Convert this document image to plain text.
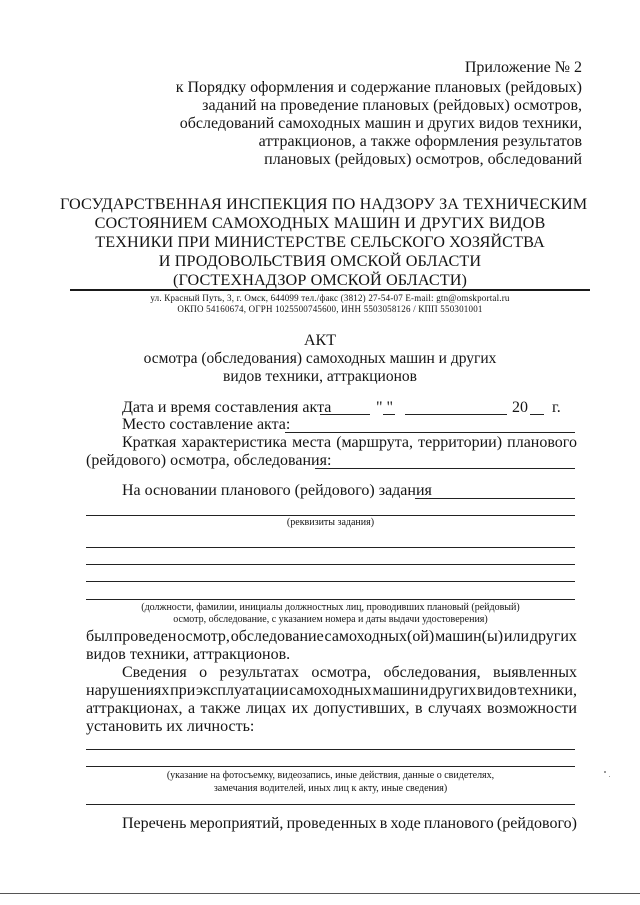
Приложение № 2
к Порядку оформления и содержание плановых (рейдовых)
заданий на проведение плановых (рейдовых) осмотров,
обследований самоходных машин и других видов техники,
аттракционов, а также оформления результатов
плановых (рейдовых) осмотров, обследований
ГОСУДАРСТВЕННАЯ ИНСПЕКЦИЯ ПО НАДЗОРУ ЗА ТЕХНИЧЕСКИМ
СОСТОЯНИЕМ САМОХОДНЫХ МАШИН И ДРУГИХ ВИДОВ
ТЕХНИКИ ПРИ МИНИСТЕРСТВЕ СЕЛЬСКОГО ХОЗЯЙСТВА
И ПРОДОВОЛЬСТВИЯ ОМСКОЙ ОБЛАСТИ
(ГОСТЕХНАДЗОР ОМСКОЙ ОБЛАСТИ)
ул. Красный Путь, 3, г. Омск, 644099 тел./факс (3812) 27-54-07 E-mail: gtn@omskportal.ru
ОКПО 54160674, ОГРН 1025500745600, ИНН 5503058126 / КПП 550301001
АКТ
осмотра (обследования) самоходных машин и других
видов техники, аттракционов
Дата и время составления акта	" "	20 г.
Место составление акта:
Краткая характеристика места (маршрута, территории) планового
(рейдового) осмотра, обследования:
На основании планового (рейдового) задания
(реквизиты задания)
(должности, фамилии, инициалы должностных лиц, проводивших плановый (рейдовый)
осмотр, обследование, с указанием номера и даты выдачи удостоверения)
был проведен осмотр, обследование самоходных(ой) машин(ы) или других
видов техники, аттракционов.
Сведения о результатах осмотра, обследования, выявленных
нарушениях при эксплуатации самоходных машин и других видов техники,
аттракционах, а также лицах их допустивших, в случаях возможности
установить их личность:
(указание на фотосъемку, видеозапись, иные действия, данные о свидетелях,
замечания водителей, иных лиц к акту, иные сведения)
Перечень мероприятий, проведенных в ходе планового (рейдового)
